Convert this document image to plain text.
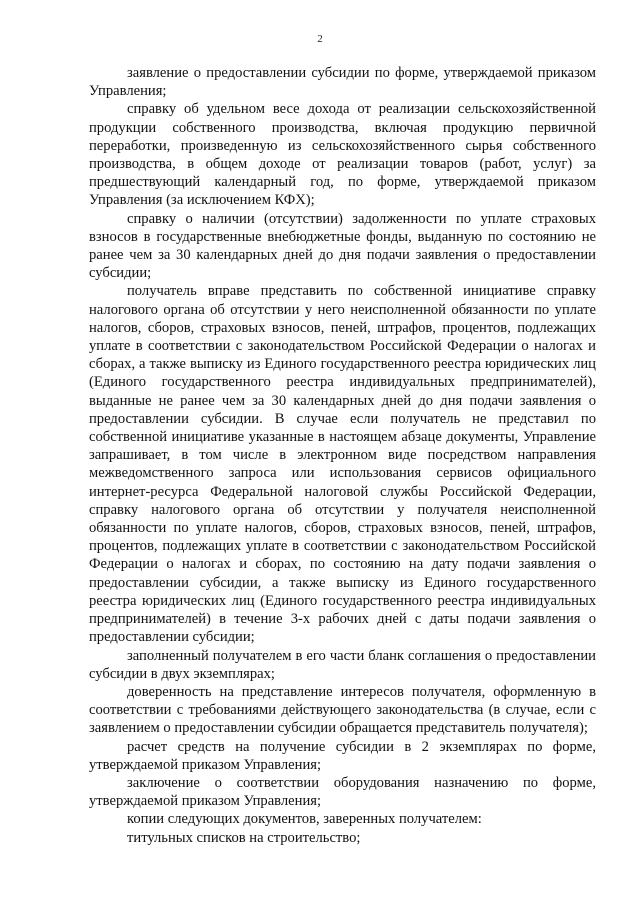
2

заявление о предоставлении субсидии по форме, утверждаемой приказом Управления;

справку об удельном весе дохода от реализации сельскохозяйственной продукции собственного производства, включая продукцию первичной переработки, произведенную из сельскохозяйственного сырья собственного производства, в общем доходе от реализации товаров (работ, услуг) за предшествующий календарный год, по форме, утверждаемой приказом Управления (за исключением КФХ);

справку о наличии (отсутствии) задолженности по уплате страховых взносов в государственные внебюджетные фонды, выданную по состоянию не ранее чем за 30 календарных дней до дня подачи заявления о предоставлении субсидии;

получатель вправе представить по собственной инициативе справку налогового органа об отсутствии у него неисполненной обязанности по уплате налогов, сборов, страховых взносов, пеней, штрафов, процентов, подлежащих уплате в соответствии с законодательством Российской Федерации о налогах и сборах, а также выписку из Единого государственного реестра юридических лиц (Единого государственного реестра индивидуальных предпринимателей), выданные не ранее чем за 30 календарных дней до дня подачи заявления о предоставлении субсидии. В случае если получатель не представил по собственной инициативе указанные в настоящем абзаце документы, Управление запрашивает, в том числе в электронном виде посредством направления межведомственного запроса или использования сервисов официального интернет-ресурса Федеральной налоговой службы Российской Федерации, справку налогового органа об отсутствии у получателя неисполненной обязанности по уплате налогов, сборов, страховых взносов, пеней, штрафов, процентов, подлежащих уплате в соответствии с законодательством Российской Федерации о налогах и сборах, по состоянию на дату подачи заявления о предоставлении субсидии, а также выписку из Единого государственного реестра юридических лиц (Единого государственного реестра индивидуальных предпринимателей) в течение 3-х рабочих дней с даты подачи заявления о предоставлении субсидии;

заполненный получателем в его части бланк соглашения о предоставлении субсидии в двух экземплярах;

доверенность на представление интересов получателя, оформленную в соответствии с требованиями действующего законодательства (в случае, если с заявлением о предоставлении субсидии обращается представитель получателя);

расчет средств на получение субсидии в 2 экземплярах по форме, утверждаемой приказом Управления;

заключение о соответствии оборудования назначению по форме, утверждаемой приказом Управления;

копии следующих документов, заверенных получателем:

титульных списков на строительство;
